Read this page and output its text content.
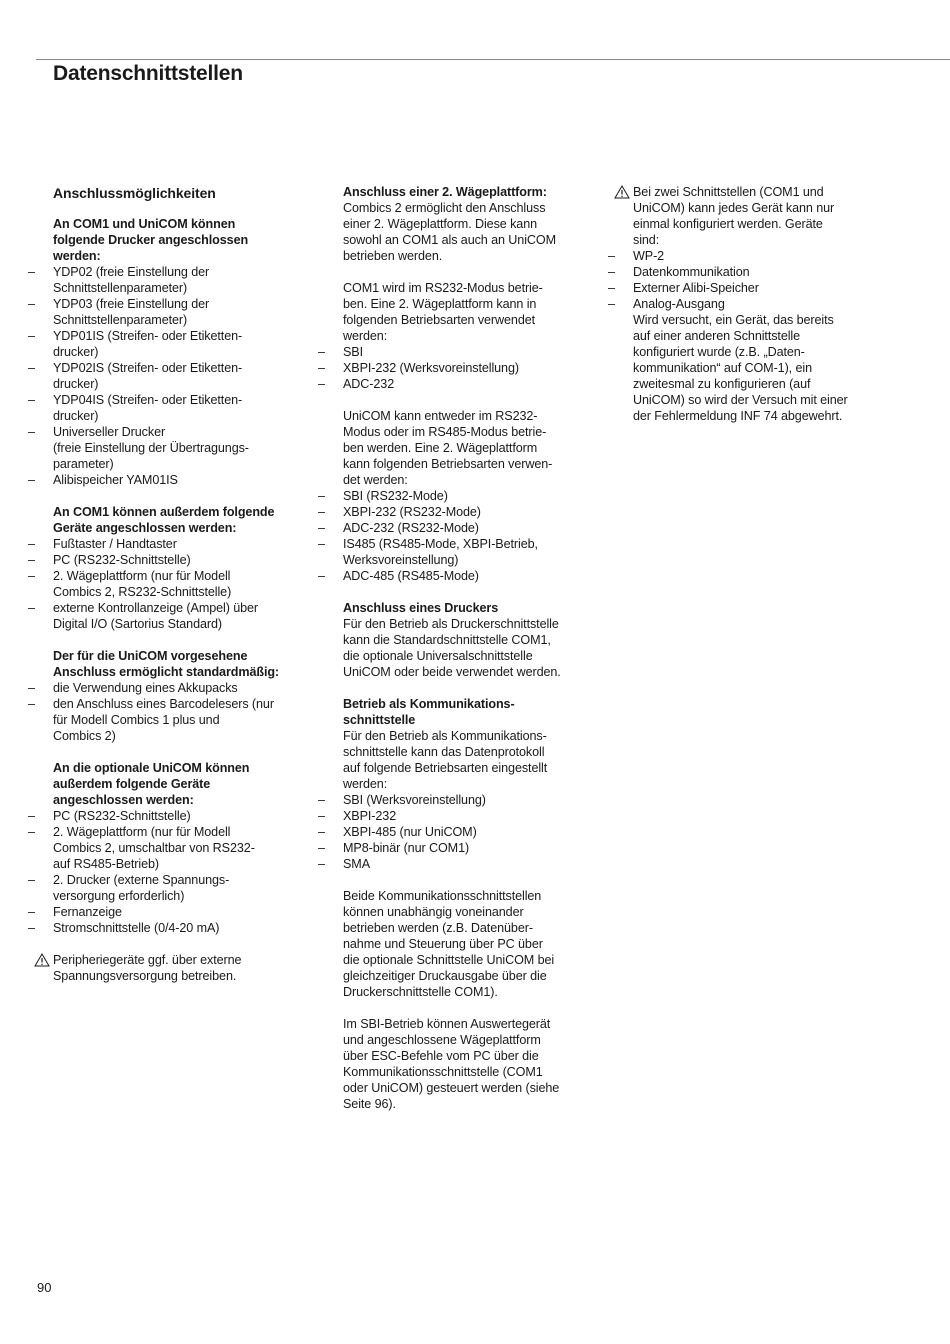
Datenschnittstellen
Anschlussmöglichkeiten
An COM1 und UniCOM können
folgende Drucker angeschlossen
werden:
– YDP02 (freie Einstellung der
Schnittstellenparameter)
– YDP03 (freie Einstellung der
Schnittstellenparameter)
– YDP01IS (Streifen- oder Etiketten-
drucker)
– YDP02IS (Streifen- oder Etiketten-
drucker)
– YDP04IS (Streifen- oder Etiketten-
drucker)
– Universeller Drucker
(freie Einstellung der Übertragungs-
parameter)
– Alibispeicher YAM01IS
An COM1 können außerdem folgende
Geräte angeschlossen werden:
– Fußtaster / Handtaster
– PC (RS232-Schnittstelle)
– 2. Wägeplattform (nur für Modell
Combics 2, RS232-Schnittstelle)
– externe Kontrollanzeige (Ampel) über
Digital I/O (Sartorius Standard)
Der für die UniCOM vorgesehene
Anschluss ermöglicht standardmäßig:
– die Verwendung eines Akkupacks
– den Anschluss eines Barcodelesers (nur
für Modell Combics 1 plus und
Combics 2)
An die optionale UniCOM können
außerdem folgende Geräte
angeschlossen werden:
– PC (RS232-Schnittstelle)
– 2. Wägeplattform (nur für Modell
Combics 2, umschaltbar von RS232-
auf RS485-Betrieb)
– 2. Drucker (externe Spannungs-
versorgung erforderlich)
– Fernanzeige
– Stromschnittstelle (0/4-20 mA)
Peripheriegeräte ggf. über externe
Spannungsversorgung betreiben.
Anschluss einer 2. Wägeplattform:
Combics 2 ermöglicht den Anschluss
einer 2. Wägeplattform. Diese kann
sowohl an COM1 als auch an UniCOM
betrieben werden.
COM1 wird im RS232-Modus betrie-
ben. Eine 2. Wägeplattform kann in
folgenden Betriebsarten verwendet
werden:
– SBI
– XBPI-232 (Werksvoreinstellung)
– ADC-232
UniCOM kann entweder im RS232-
Modus oder im RS485-Modus betrie-
ben werden. Eine 2. Wägeplattform
kann folgenden Betriebsarten verwen-
det werden:
– SBI (RS232-Mode)
– XBPI-232 (RS232-Mode)
– ADC-232 (RS232-Mode)
– IS485 (RS485-Mode, XBPI-Betrieb,
Werksvoreinstellung)
– ADC-485 (RS485-Mode)
Anschluss eines Druckers
Für den Betrieb als Druckerschnittstelle
kann die Standardschnittstelle COM1,
die optionale Universalschnittstelle
UniCOM oder beide verwendet werden.
Betrieb als Kommunikations-
schnittstelle
Für den Betrieb als Kommunikations-
schnittstelle kann das Datenprotokoll
auf folgende Betriebsarten eingestellt
werden:
– SBI (Werksvoreinstellung)
– XBPI-232
– XBPI-485 (nur UniCOM)
– MP8-binär (nur COM1)
– SMA
Beide Kommunikationsschnittstellen
können unabhängig voneinander
betrieben werden (z.B. Datenüber-
nahme und Steuerung über PC über
die optionale Schnittstelle UniCOM bei
gleichzeitiger Druckausgabe über die
Druckerschnittstelle COM1).
Im SBI-Betrieb können Auswertegerät
und angeschlossene Wägeplattform
über ESC-Befehle vom PC über die
Kommunikationsschnittstelle (COM1
oder UniCOM) gesteuert werden (siehe
Seite 96).
Bei zwei Schnittstellen (COM1 und
UniCOM) kann jedes Gerät kann nur
einmal konfiguriert werden. Geräte
sind:
– WP-2
– Datenkommunikation
– Externer Alibi-Speicher
– Analog-Ausgang
Wird versucht, ein Gerät, das bereits
auf einer anderen Schnittstelle
konfiguriert wurde (z.B. „Daten-
kommunikation“ auf COM-1), ein
zweitesmal zu konfigurieren (auf
UniCOM) so wird der Versuch mit einer
der Fehlermeldung INF 74 abgewehrt.
90
